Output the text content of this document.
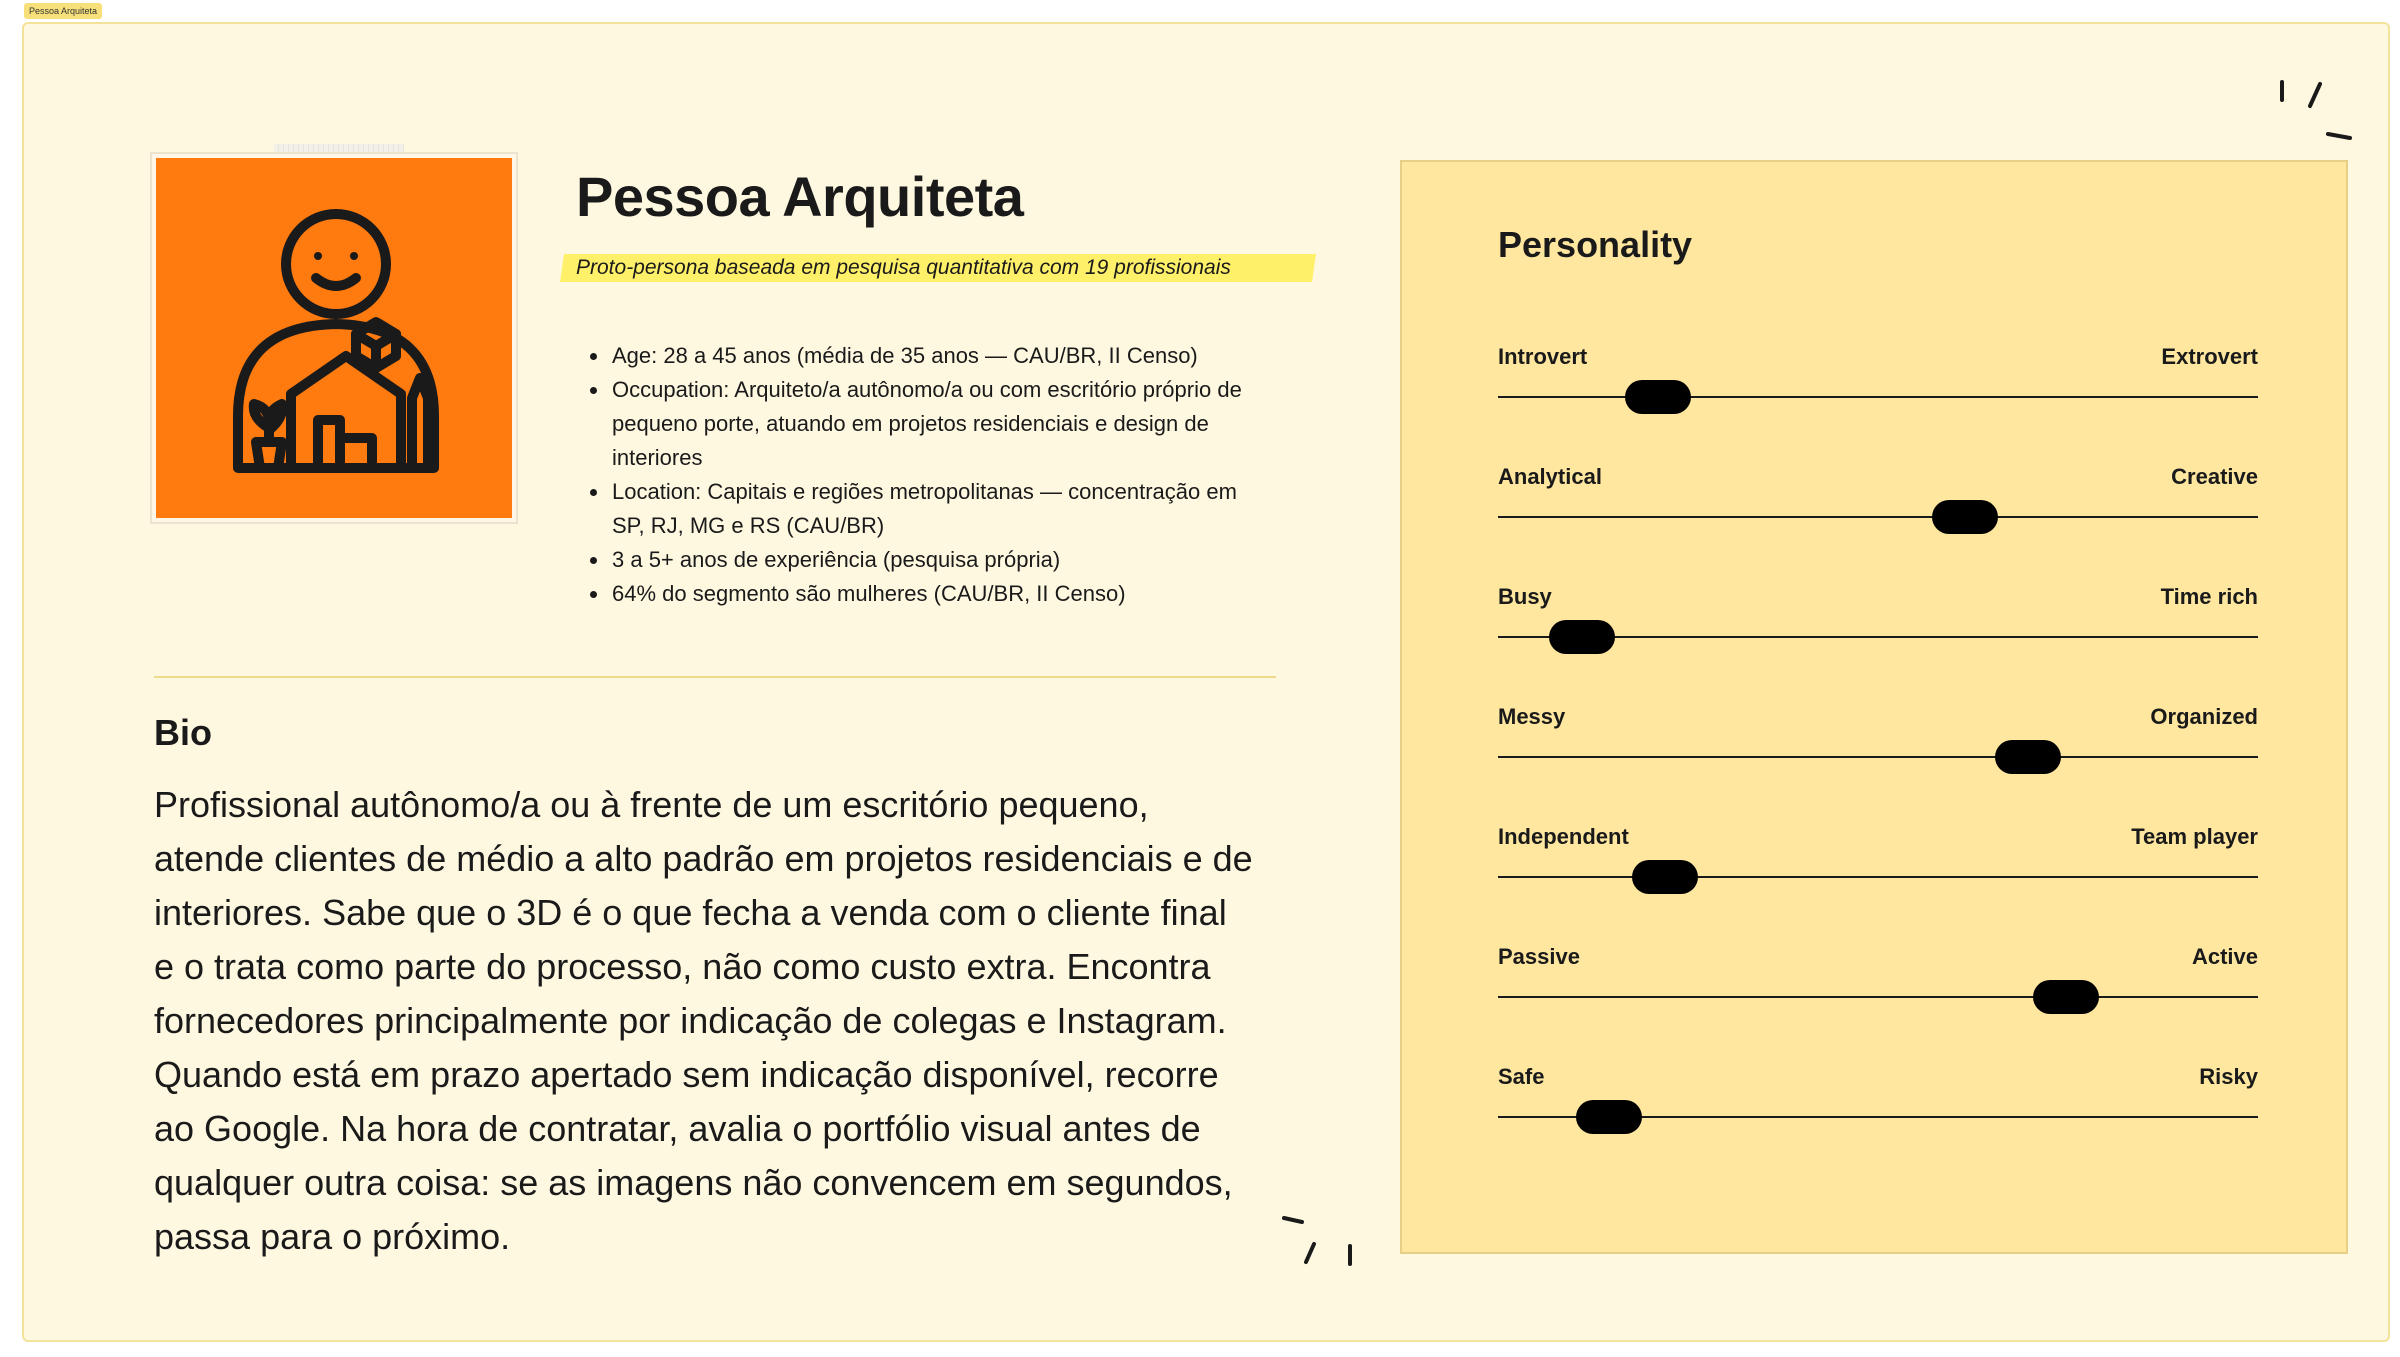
Pessoa Arquiteta
Pessoa Arquiteta
Proto-persona baseada em pesquisa quantitativa com 19 profissionais
• Age: 28 a 45 anos (média de 35 anos — CAU/BR, II Censo)
• Occupation: Arquiteto/a autônomo/a ou com escritório próprio de pequeno porte, atuando em projetos residenciais e design de interiores
• Location: Capitais e regiões metropolitanas — concentração em SP, RJ, MG e RS (CAU/BR)
• 3 a 5+ anos de experiência (pesquisa própria)
• 64% do segmento são mulheres (CAU/BR, II Censo)
Bio

Profissional autônomo/a ou à frente de um escritório pequeno, atende clientes de médio a alto padrão em projetos residenciais e de interiores. Sabe que o 3D é o que fecha a venda com o cliente final e o trata como parte do processo, não como custo extra. Encontra fornecedores principalmente por indicação de colegas e Instagram. Quando está em prazo apertado sem indicação disponível, recorre ao Google. Na hora de contratar, avalia o portfólio visual antes de qualquer outra coisa: se as imagens não convencem em segundos, passa para o próximo.

Personality
Introvert	Extrovert
Analytical	Creative
Busy	Time rich
Messy	Organized
Independent	Team player
Passive	Active
Safe	Risky
